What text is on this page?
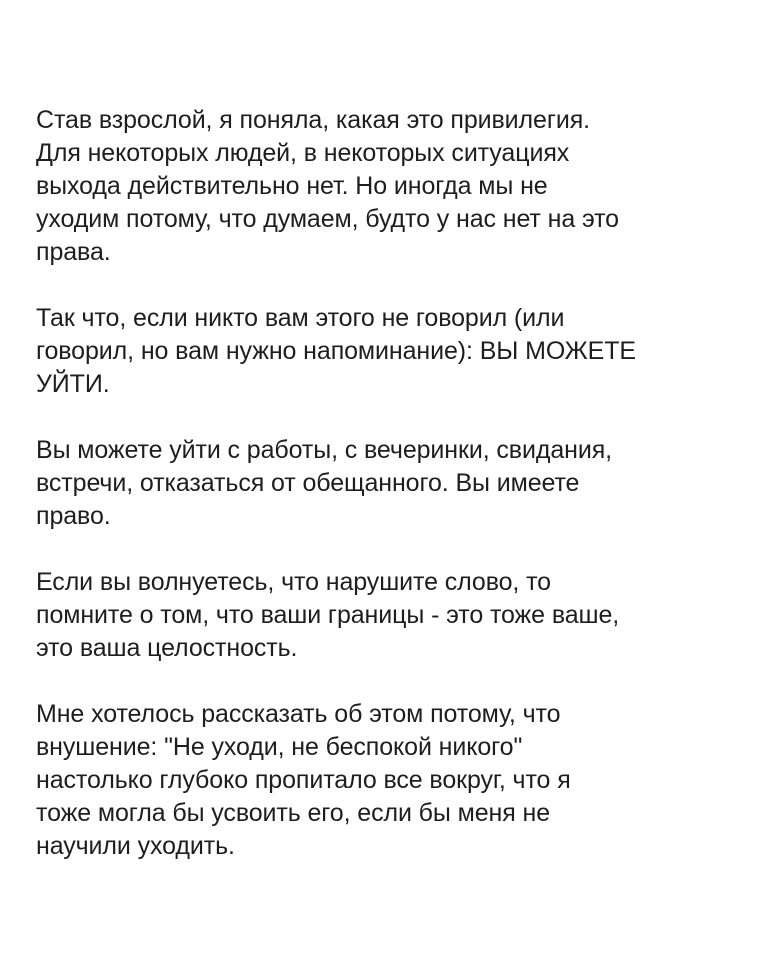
Став взрослой, я поняла, какая это привилегия.
Для некоторых людей, в некоторых ситуациях
выхода действительно нет. Но иногда мы не
уходим потому, что думаем, будто у нас нет на это
права.

Так что, если никто вам этого не говорил (или
говорил, но вам нужно напоминание): ВЫ МОЖЕТЕ
УЙТИ.

Вы можете уйти с работы, с вечеринки, свидания,
встречи, отказаться от обещанного. Вы имеете
право.

Если вы волнуетесь, что нарушите слово, то
помните о том, что ваши границы - это тоже ваше,
это ваша целостность.

Мне хотелось рассказать об этом потому, что
внушение: "Не уходи, не беспокой никого"
настолько глубоко пропитало все вокруг, что я
тоже могла бы усвоить его, если бы меня не
научили уходить.
